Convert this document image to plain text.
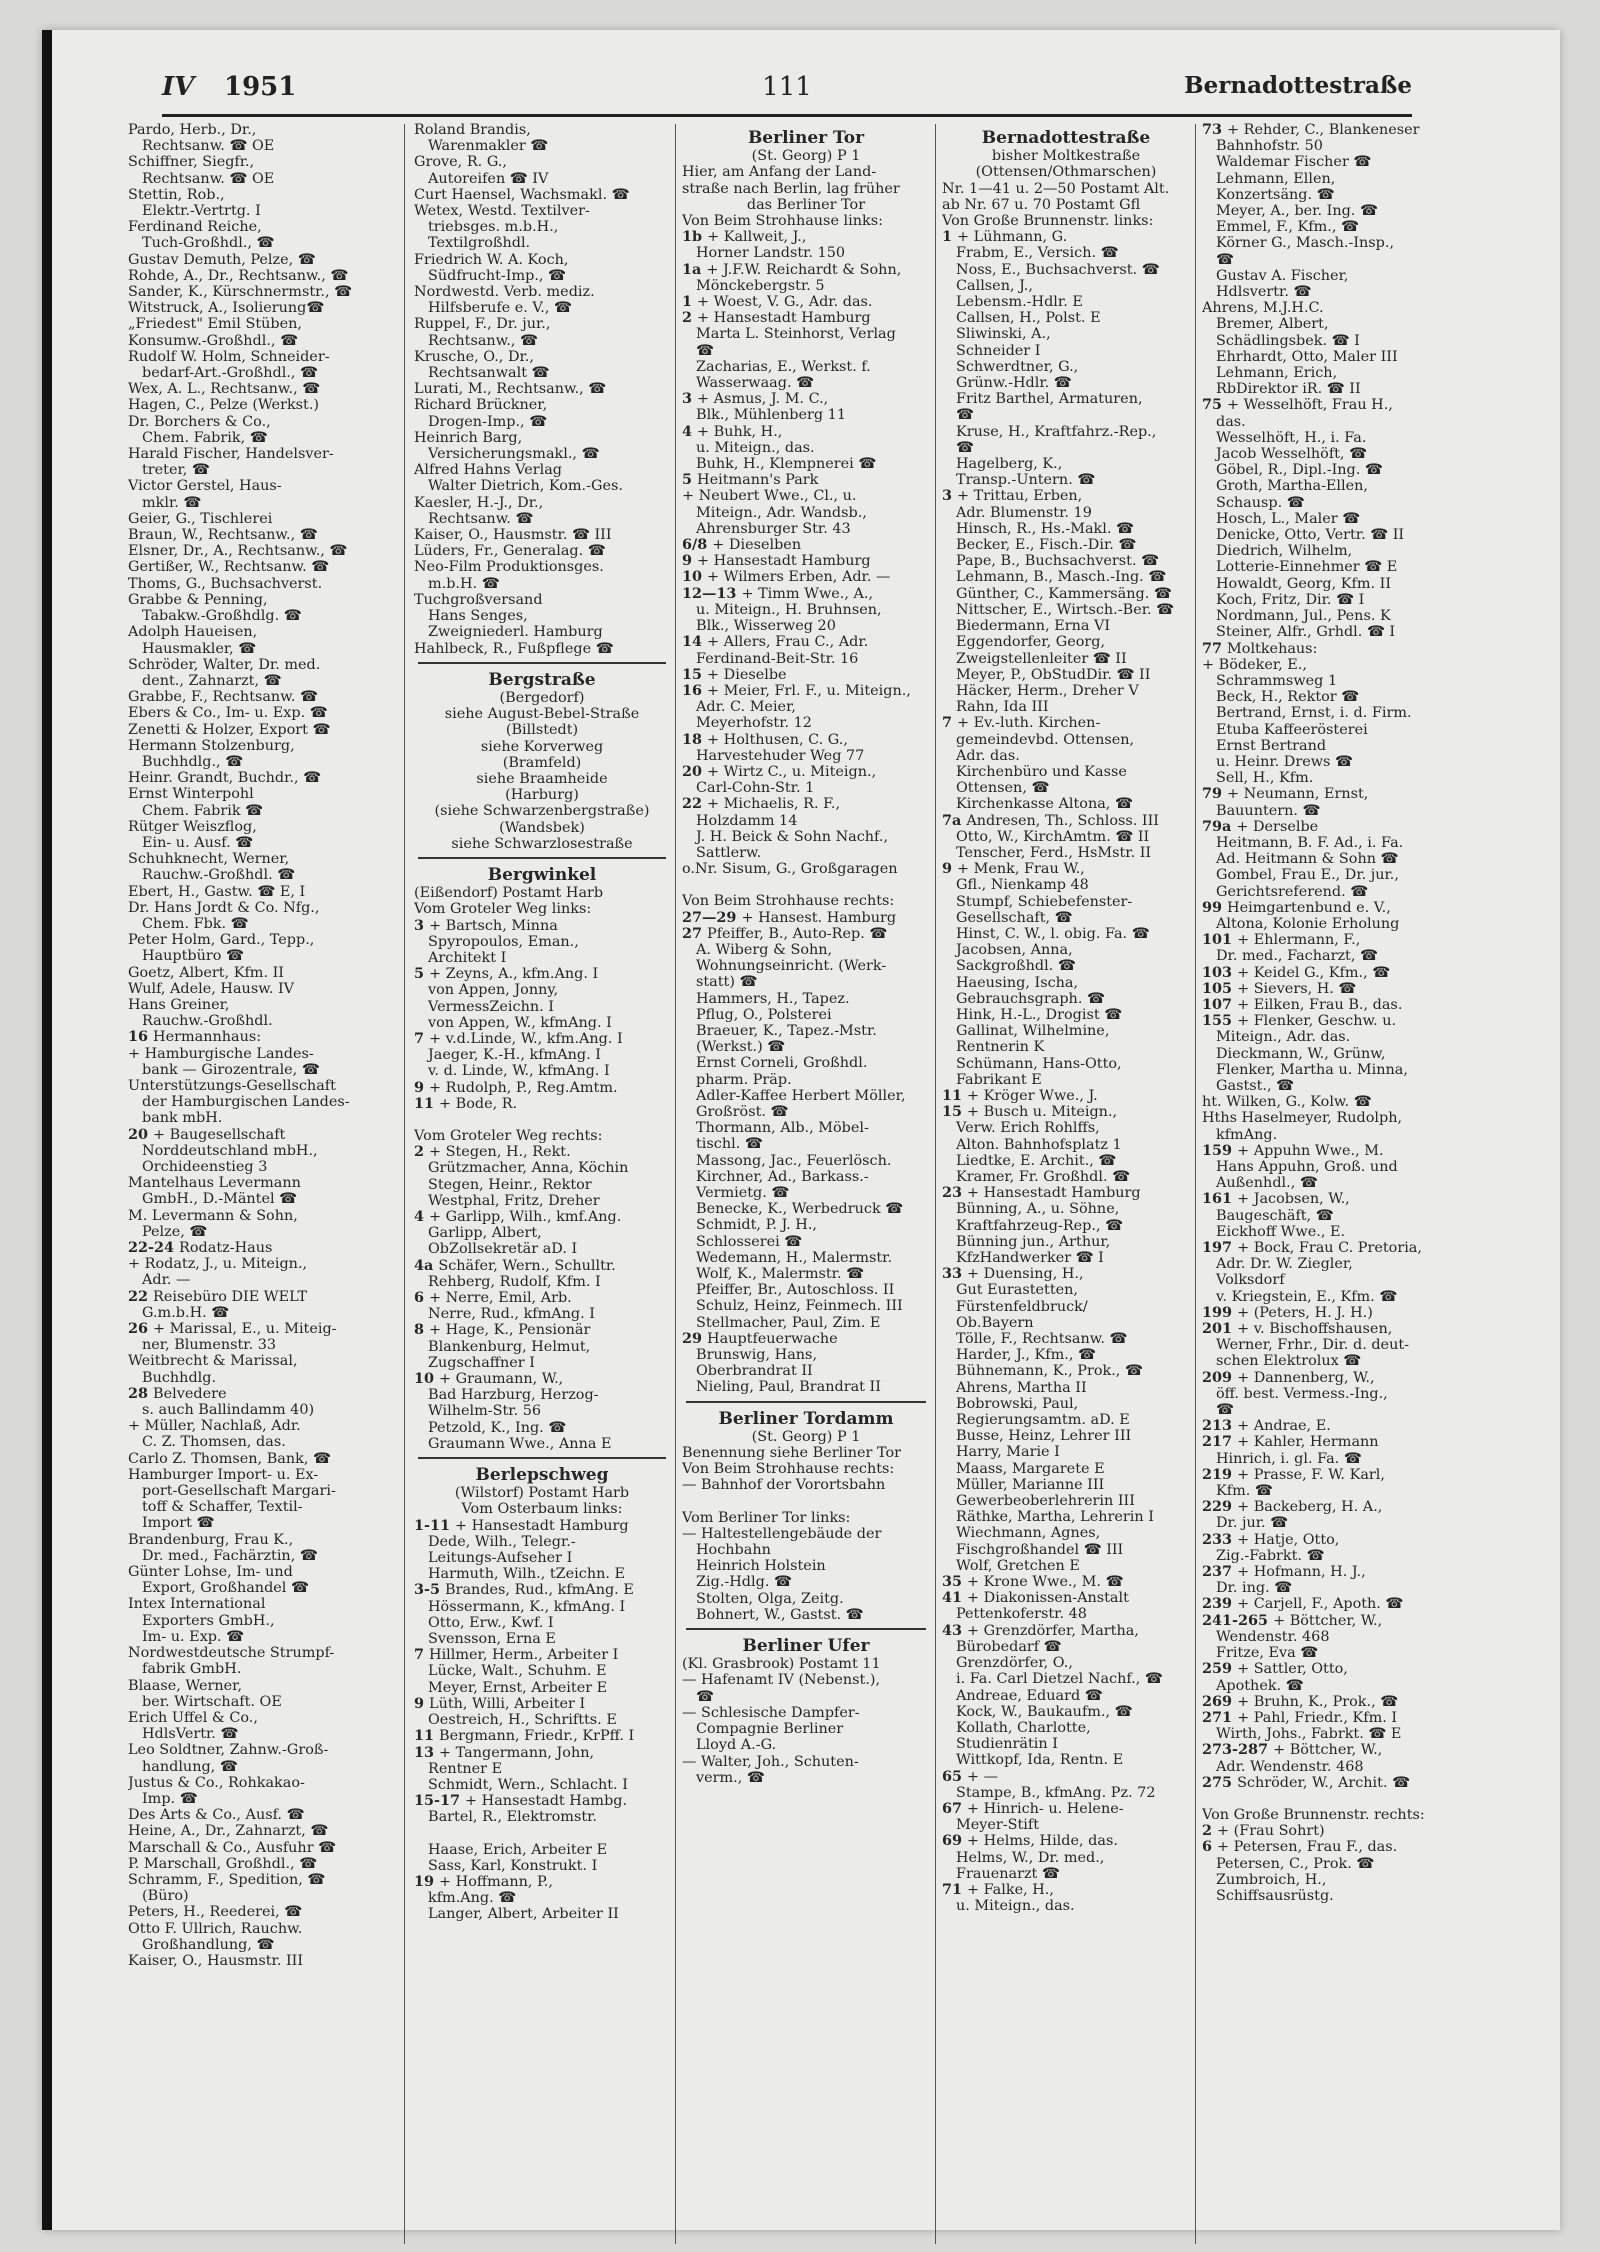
IV 1951	111	Bernadottestraße
Pardo, Herb., Dr.,
Rechtsanw. ☎ OE
Schiffner, Siegfr.,
Rechtsanw. ☎ OE
Stettin, Rob.,
Elektr.-Vertrtg. I
Ferdinand Reiche,
Tuch-Großhdl., ☎
Gustav Demuth, Pelze, ☎
Rohde, A., Dr., Rechtsanw., ☎
Sander, K., Kürschnermstr., ☎
Witstruck, A., Isolierung☎
„Friedest" Emil Stüben,
Konsumw.-Großhdl., ☎
Rudolf W. Holm, Schneider-
bedarf-Art.-Großhdl., ☎
Wex, A. L., Rechtsanw., ☎
Hagen, C., Pelze (Werkst.)
Dr. Borchers & Co.,
Chem. Fabrik, ☎
Harald Fischer, Handelsver-
treter, ☎
Victor Gerstel, Haus-
mklr. ☎
Geier, G., Tischlerei
Braun, W., Rechtsanw., ☎
Elsner, Dr., A., Rechtsanw., ☎
Gertißer, W., Rechtsanw. ☎
Thoms, G., Buchsachverst.
Grabbe & Penning,
Tabakw.-Großhdlg. ☎
Adolph Haueisen,
Hausmakler, ☎
Schröder, Walter, Dr. med.
dent., Zahnarzt, ☎
Grabbe, F., Rechtsanw. ☎
Ebers & Co., Im- u. Exp. ☎
Zenetti & Holzer, Export ☎
Hermann Stolzenburg,
Buchhdlg., ☎
Heinr. Grandt, Buchdr., ☎
Ernst Winterpohl
Chem. Fabrik ☎
Rütger Weiszflog,
Ein- u. Ausf. ☎
Schuhknecht, Werner,
Rauchw.-Großhdl. ☎
Ebert, H., Gastw. ☎ E, I
Dr. Hans Jordt & Co. Nfg.,
Chem. Fbk. ☎
Peter Holm, Gard., Tepp.,
Hauptbüro ☎
Goetz, Albert, Kfm. II
Wulf, Adele, Hausw. IV
Hans Greiner,
Rauchw.-Großhdl.
16 Hermannhaus:
+ Hamburgische Landes-
bank — Girozentrale, ☎
Unterstützungs-Gesellschaft
der Hamburgischen Landes-
bank mbH.
20 + Baugesellschaft
Norddeutschland mbH.,
Orchideenstieg 3
Mantelhaus Levermann
GmbH., D.-Mäntel ☎
M. Levermann & Sohn,
Pelze, ☎
22-24 Rodatz-Haus
+ Rodatz, J., u. Miteign.,
Adr. —
22 Reisebüro DIE WELT
G.m.b.H. ☎
26 + Marissal, E., u. Miteig-
ner, Blumenstr. 33
Weitbrecht & Marissal,
Buchhdlg.
28 Belvedere
s. auch Ballindamm 40)
+ Müller, Nachlaß, Adr.
C. Z. Thomsen, das.
Carlo Z. Thomsen, Bank, ☎
Hamburger Import- u. Ex-
port-Gesellschaft Margari-
toff & Schaffer, Textil-
Import ☎
Brandenburg, Frau K.,
Dr. med., Fachärztin, ☎
Günter Lohse, Im- und
Export, Großhandel ☎
Intex International
Exporters GmbH.,
Im- u. Exp. ☎
Nordwestdeutsche Strumpf-
fabrik GmbH.
Blaase, Werner,
ber. Wirtschaft. OE
Erich Uffel & Co.,
HdlsVertr. ☎
Leo Soldtner, Zahnw.-Groß-
handlung, ☎
Justus & Co., Rohkakao-
Imp. ☎
Des Arts & Co., Ausf. ☎
Heine, A., Dr., Zahnarzt, ☎
Marschall & Co., Ausfuhr ☎
P. Marschall, Großhdl., ☎
Schramm, F., Spedition, ☎
(Büro)
Peters, H., Reederei, ☎
Otto F. Ullrich, Rauchw.
Großhandlung, ☎
Kaiser, O., Hausmstr. III
Roland Brandis,
Warenmakler ☎
Grove, R. G.,
Autoreifen ☎ IV
Curt Haensel, Wachsmakl. ☎
Wetex, Westd. Textilver-
triebsges. m.b.H.,
Textilgroßhdl.
Friedrich W. A. Koch,
Südfrucht-Imp., ☎
Nordwestd. Verb. mediz.
Hilfsberufe e. V., ☎
Ruppel, F., Dr. jur.,
Rechtsanw., ☎
Krusche, O., Dr.,
Rechtsanwalt ☎
Lurati, M., Rechtsanw., ☎
Richard Brückner,
Drogen-Imp., ☎
Heinrich Barg,
Versicherungsmakl., ☎
Alfred Hahns Verlag
Walter Dietrich, Kom.-Ges.
Kaesler, H.-J., Dr.,
Rechtsanw. ☎
Kaiser, O., Hausmstr. ☎ III
Lüders, Fr., Generalag. ☎
Neo-Film Produktionsges.
m.b.H. ☎
Tuchgroßversand
Hans Senges,
Zweigniederl. Hamburg
Hahlbeck, R., Fußpflege ☎
Bergstraße
(Bergedorf)
siehe August-Bebel-Straße
(Billstedt)
siehe Korverweg
(Bramfeld)
siehe Braamheide
(Harburg)
(siehe Schwarzenbergstraße)
(Wandsbek)
siehe Schwarzlosestraße
Bergwinkel
(Eißendorf) Postamt Harb
Vom Groteler Weg links:
3 + Bartsch, Minna
Spyropoulos, Eman.,
Architekt I
5 + Zeyns, A., kfm.Ang. I
von Appen, Jonny,
VermessZeichn. I
von Appen, W., kfmAng. I
7 + v.d.Linde, W., kfm.Ang. I
Jaeger, K.-H., kfmAng. I
v. d. Linde, W., kfmAng. I
9 + Rudolph, P., Reg.Amtm.
11 + Bode, R.
Vom Groteler Weg rechts:
2 + Stegen, H., Rekt.
Grützmacher, Anna, Köchin
Stegen, Heinr., Rektor
Westphal, Fritz, Dreher
4 + Garlipp, Wilh., kmf.Ang.
Garlipp, Albert,
ObZollsekretär aD. I
4a Schäfer, Wern., Schulltr.
Rehberg, Rudolf, Kfm. I
6 + Nerre, Emil, Arb.
Nerre, Rud., kfmAng. I
8 + Hage, K., Pensionär
Blankenburg, Helmut,
Zugschaffner I
10 + Graumann, W.,
Bad Harzburg, Herzog-
Wilhelm-Str. 56
Petzold, K., Ing. ☎
Graumann Wwe., Anna E
Berlepschweg
(Wilstorf) Postamt Harb
Vom Osterbaum links:
1-11 + Hansestadt Hamburg
Dede, Wilh., Telegr.-
Leitungs-Aufseher I
Harmuth, Wilh., tZeichn. E
3-5 Brandes, Rud., kfmAng. E
Hössermann, K., kfmAng. I
Otto, Erw., Kwf. I
Svensson, Erna E
7 Hillmer, Herm., Arbeiter I
Lücke, Walt., Schuhm. E
Meyer, Ernst, Arbeiter E
9 Lüth, Willi, Arbeiter I
Oestreich, H., Schriftts. E
11 Bergmann, Friedr., KrPff. I
13 + Tangermann, John,
Rentner E
Schmidt, Wern., Schlacht. I
15-17 + Hansestadt Hambg.
Bartel, R., Elektromstr.
Haase, Erich, Arbeiter E
Sass, Karl, Konstrukt. I
19 + Hoffmann, P.,
kfm.Ang. ☎
Langer, Albert, Arbeiter II
Berliner Tor
(St. Georg) P 1
Hier, am Anfang der Land-
straße nach Berlin, lag früher
das Berliner Tor
Von Beim Strohhause links:
1b + Kallweit, J.,
Horner Landstr. 150
1a + J.F.W. Reichardt & Sohn,
Mönckebergstr. 5
1 + Woest, V. G., Adr. das.
2 + Hansestadt Hamburg
Marta L. Steinhorst, Verlag
☎
Zacharias, E., Werkst. f.
Wasserwaag. ☎
3 + Asmus, J. M. C.,
Blk., Mühlenberg 11
4 + Buhk, H.,
u. Miteign., das.
Buhk, H., Klempnerei ☎
5 Heitmann's Park
+ Neubert Wwe., Cl., u.
Miteign., Adr. Wandsb.,
Ahrensburger Str. 43
6/8 + Dieselben
9 + Hansestadt Hamburg
10 + Wilmers Erben, Adr. —
12—13 + Timm Wwe., A.,
u. Miteign., H. Bruhnsen,
Blk., Wisserweg 20
14 + Allers, Frau C., Adr.
Ferdinand-Beit-Str. 16
15 + Dieselbe
16 + Meier, Frl. F., u. Miteign.,
Adr. C. Meier,
Meyerhofstr. 12
18 + Holthusen, C. G.,
Harvestehuder Weg 77
20 + Wirtz C., u. Miteign.,
Carl-Cohn-Str. 1
22 + Michaelis, R. F.,
Holzdamm 14
J. H. Beick & Sohn Nachf.,
Sattlerw.
o.Nr. Sisum, G., Großgaragen
Von Beim Strohhause rechts:
27—29 + Hansest. Hamburg
27 Pfeiffer, B., Auto-Rep. ☎
A. Wiberg & Sohn,
Wohnungseinricht. (Werk-
statt) ☎
Hammers, H., Tapez.
Pflug, O., Polsterei
Braeuer, K., Tapez.-Mstr.
(Werkst.) ☎
Ernst Corneli, Großhdl.
pharm. Präp.
Adler-Kaffee Herbert Möller,
Großröst. ☎
Thormann, Alb., Möbel-
tischl. ☎
Massong, Jac., Feuerlösch.
Kirchner, Ad., Barkass.-
Vermietg. ☎
Benecke, K., Werbedruck ☎
Schmidt, P. J. H.,
Schlosserei ☎
Wedemann, H., Malermstr.
Wolf, K., Malermstr. ☎
Pfeiffer, Br., Autoschloss. II
Schulz, Heinz, Feinmech. III
Stellmacher, Paul, Zim. E
29 Hauptfeuerwache
Brunswig, Hans,
Oberbrandrat II
Nieling, Paul, Brandrat II
Berliner Tordamm
(St. Georg) P 1
Benennung siehe Berliner Tor
Von Beim Strohhause rechts:
— Bahnhof der Vorortsbahn
Vom Berliner Tor links:
— Haltestellengebäude der
Hochbahn
Heinrich Holstein
Zig.-Hdlg. ☎
Stolten, Olga, Zeitg.
Bohnert, W., Gastst. ☎
Berliner Ufer
(Kl. Grasbrook) Postamt 11
— Hafenamt IV (Nebenst.),
☎
— Schlesische Dampfer-
Compagnie Berliner
Lloyd A.-G.
— Walter, Joh., Schuten-
verm., ☎
Bernadottestraße
bisher Moltkestraße
(Ottensen/Othmarschen)
Nr. 1—41 u. 2—50 Postamt Alt.
ab Nr. 67 u. 70 Postamt Gfl
Von Große Brunnenstr. links:
1 + Lühmann, G.
Frabm, E., Versich. ☎
Noss, E., Buchsachverst. ☎
Callsen, J.,
Lebensm.-Hdlr. E
Callsen, H., Polst. E
Sliwinski, A.,
Schneider I
Schwerdtner, G.,
Grünw.-Hdlr. ☎
Fritz Barthel, Armaturen,
☎
Kruse, H., Kraftfahrz.-Rep.,
☎
Hagelberg, K.,
Transp.-Untern. ☎
3 + Trittau, Erben,
Adr. Blumenstr. 19
Hinsch, R., Hs.-Makl. ☎
Becker, E., Fisch.-Dir. ☎
Pape, B., Buchsachverst. ☎
Lehmann, B., Masch.-Ing. ☎
Günther, C., Kammersäng. ☎
Nittscher, E., Wirtsch.-Ber. ☎
Biedermann, Erna VI
Eggendorfer, Georg,
Zweigstellenleiter ☎ II
Meyer, P., ObStudDir. ☎ II
Häcker, Herm., Dreher V
Rahn, Ida III
7 + Ev.-luth. Kirchen-
gemeindevbd. Ottensen,
Adr. das.
Kirchenbüro und Kasse
Ottensen, ☎
Kirchenkasse Altona, ☎
7a Andresen, Th., Schloss. III
Otto, W., KirchAmtm. ☎ II
Tenscher, Ferd., HsMstr. II
9 + Menk, Frau W.,
Gfl., Nienkamp 48
Stumpf, Schiebefenster-
Gesellschaft, ☎
Hinst, C. W., l. obig. Fa. ☎
Jacobsen, Anna,
Sackgroßhdl. ☎
Haeusing, Ischa,
Gebrauchsgraph. ☎
Hink, H.-L., Drogist ☎
Gallinat, Wilhelmine,
Rentnerin K
Schümann, Hans-Otto,
Fabrikant E
11 + Kröger Wwe., J.
15 + Busch u. Miteign.,
Verw. Erich Rohlffs,
Alton. Bahnhofsplatz 1
Liedtke, E. Archit., ☎
Kramer, Fr. Großhdl. ☎
23 + Hansestadt Hamburg
Bünning, A., u. Söhne,
Kraftfahrzeug-Rep., ☎
Bünning jun., Arthur,
KfzHandwerker ☎ I
33 + Duensing, H.,
Gut Eurastetten,
Fürstenfeldbruck/
Ob.Bayern
Tölle, F., Rechtsanw. ☎
Harder, J., Kfm., ☎
Bühnemann, K., Prok., ☎
Ahrens, Martha II
Bobrowski, Paul,
Regierungsamtm. aD. E
Busse, Heinz, Lehrer III
Harry, Marie I
Maass, Margarete E
Müller, Marianne III
Gewerbeoberlehrerin III
Räthke, Martha, Lehrerin I
Wiechmann, Agnes,
Fischgroßhandel ☎ III
Wolf, Gretchen E
35 + Krone Wwe., M. ☎
41 + Diakonissen-Anstalt
Pettenkoferstr. 48
43 + Grenzdörfer, Martha,
Bürobedarf ☎
Grenzdörfer, O.,
i. Fa. Carl Dietzel Nachf., ☎
Andreae, Eduard ☎
Kock, W., Baukaufm., ☎
Kollath, Charlotte,
Studienrätin I
Wittkopf, Ida, Rentn. E
65 + —
Stampe, B., kfmAng. Pz. 72
67 + Hinrich- u. Helene-
Meyer-Stift
69 + Helms, Hilde, das.
Helms, W., Dr. med.,
Frauenarzt ☎
71 + Falke, H.,
u. Miteign., das.
73 + Rehder, C., Blankeneser
Bahnhofstr. 50
Waldemar Fischer ☎
Lehmann, Ellen,
Konzertsäng. ☎
Meyer, A., ber. Ing. ☎
Emmel, F., Kfm., ☎
Körner G., Masch.-Insp.,
☎
Gustav A. Fischer,
Hdlsvertr. ☎
Ahrens, M.J.H.C.
Bremer, Albert,
Schädlingsbek. ☎ I
Ehrhardt, Otto, Maler III
Lehmann, Erich,
RbDirektor iR. ☎ II
75 + Wesselhöft, Frau H.,
das.
Wesselhöft, H., i. Fa.
Jacob Wesselhöft, ☎
Göbel, R., Dipl.-Ing. ☎
Groth, Martha-Ellen,
Schausp. ☎
Hosch, L., Maler ☎
Denicke, Otto, Vertr. ☎ II
Diedrich, Wilhelm,
Lotterie-Einnehmer ☎ E
Howaldt, Georg, Kfm. II
Koch, Fritz, Dir. ☎ I
Nordmann, Jul., Pens. K
Steiner, Alfr., Grhdl. ☎ I
77 Moltkehaus:
+ Bödeker, E.,
Schrammsweg 1
Beck, H., Rektor ☎
Bertrand, Ernst, i. d. Firm.
Etuba Kaffeerösterei
Ernst Bertrand
u. Heinr. Drews ☎
Sell, H., Kfm.
79 + Neumann, Ernst,
Bauuntern. ☎
79a + Derselbe
Heitmann, B. F. Ad., i. Fa.
Ad. Heitmann & Sohn ☎
Gombel, Frau E., Dr. jur.,
Gerichtsreferend. ☎
99 Heimgartenbund e. V.,
Altona, Kolonie Erholung
101 + Ehlermann, F.,
Dr. med., Facharzt, ☎
103 + Keidel G., Kfm., ☎
105 + Sievers, H. ☎
107 + Eilken, Frau B., das.
155 + Flenker, Geschw. u.
Miteign., Adr. das.
Dieckmann, W., Grünw,
Flenker, Martha u. Minna,
Gastst., ☎
ht. Wilken, G., Kolw. ☎
Hths Haselmeyer, Rudolph,
kfmAng.
159 + Appuhn Wwe., M.
Hans Appuhn, Groß. und
Außenhdl., ☎
161 + Jacobsen, W.,
Baugeschäft, ☎
Eickhoff Wwe., E.
197 + Bock, Frau C. Pretoria,
Adr. Dr. W. Ziegler,
Volksdorf
v. Kriegstein, E., Kfm. ☎
199 + (Peters, H. J. H.)
201 + v. Bischoffshausen,
Werner, Frhr., Dir. d. deut-
schen Elektrolux ☎
209 + Dannenberg, W.,
öff. best. Vermess.-Ing.,
☎
213 + Andrae, E.
217 + Kahler, Hermann
Hinrich, i. gl. Fa. ☎
219 + Prasse, F. W. Karl,
Kfm. ☎
229 + Backeberg, H. A.,
Dr. jur. ☎
233 + Hatje, Otto,
Zig.-Fabrkt. ☎
237 + Hofmann, H. J.,
Dr. ing. ☎
239 + Carjell, F., Apoth. ☎
241-265 + Böttcher, W.,
Wendenstr. 468
Fritze, Eva ☎
259 + Sattler, Otto,
Apothek. ☎
269 + Bruhn, K., Prok., ☎
271 + Pahl, Friedr., Kfm. I
Wirth, Johs., Fabrkt. ☎ E
273-287 + Böttcher, W.,
Adr. Wendenstr. 468
275 Schröder, W., Archit. ☎
Von Große Brunnenstr. rechts:
2 + (Frau Sohrt)
6 + Petersen, Frau F., das.
Petersen, C., Prok. ☎
Zumbroich, H.,
Schiffsausrüstg.
